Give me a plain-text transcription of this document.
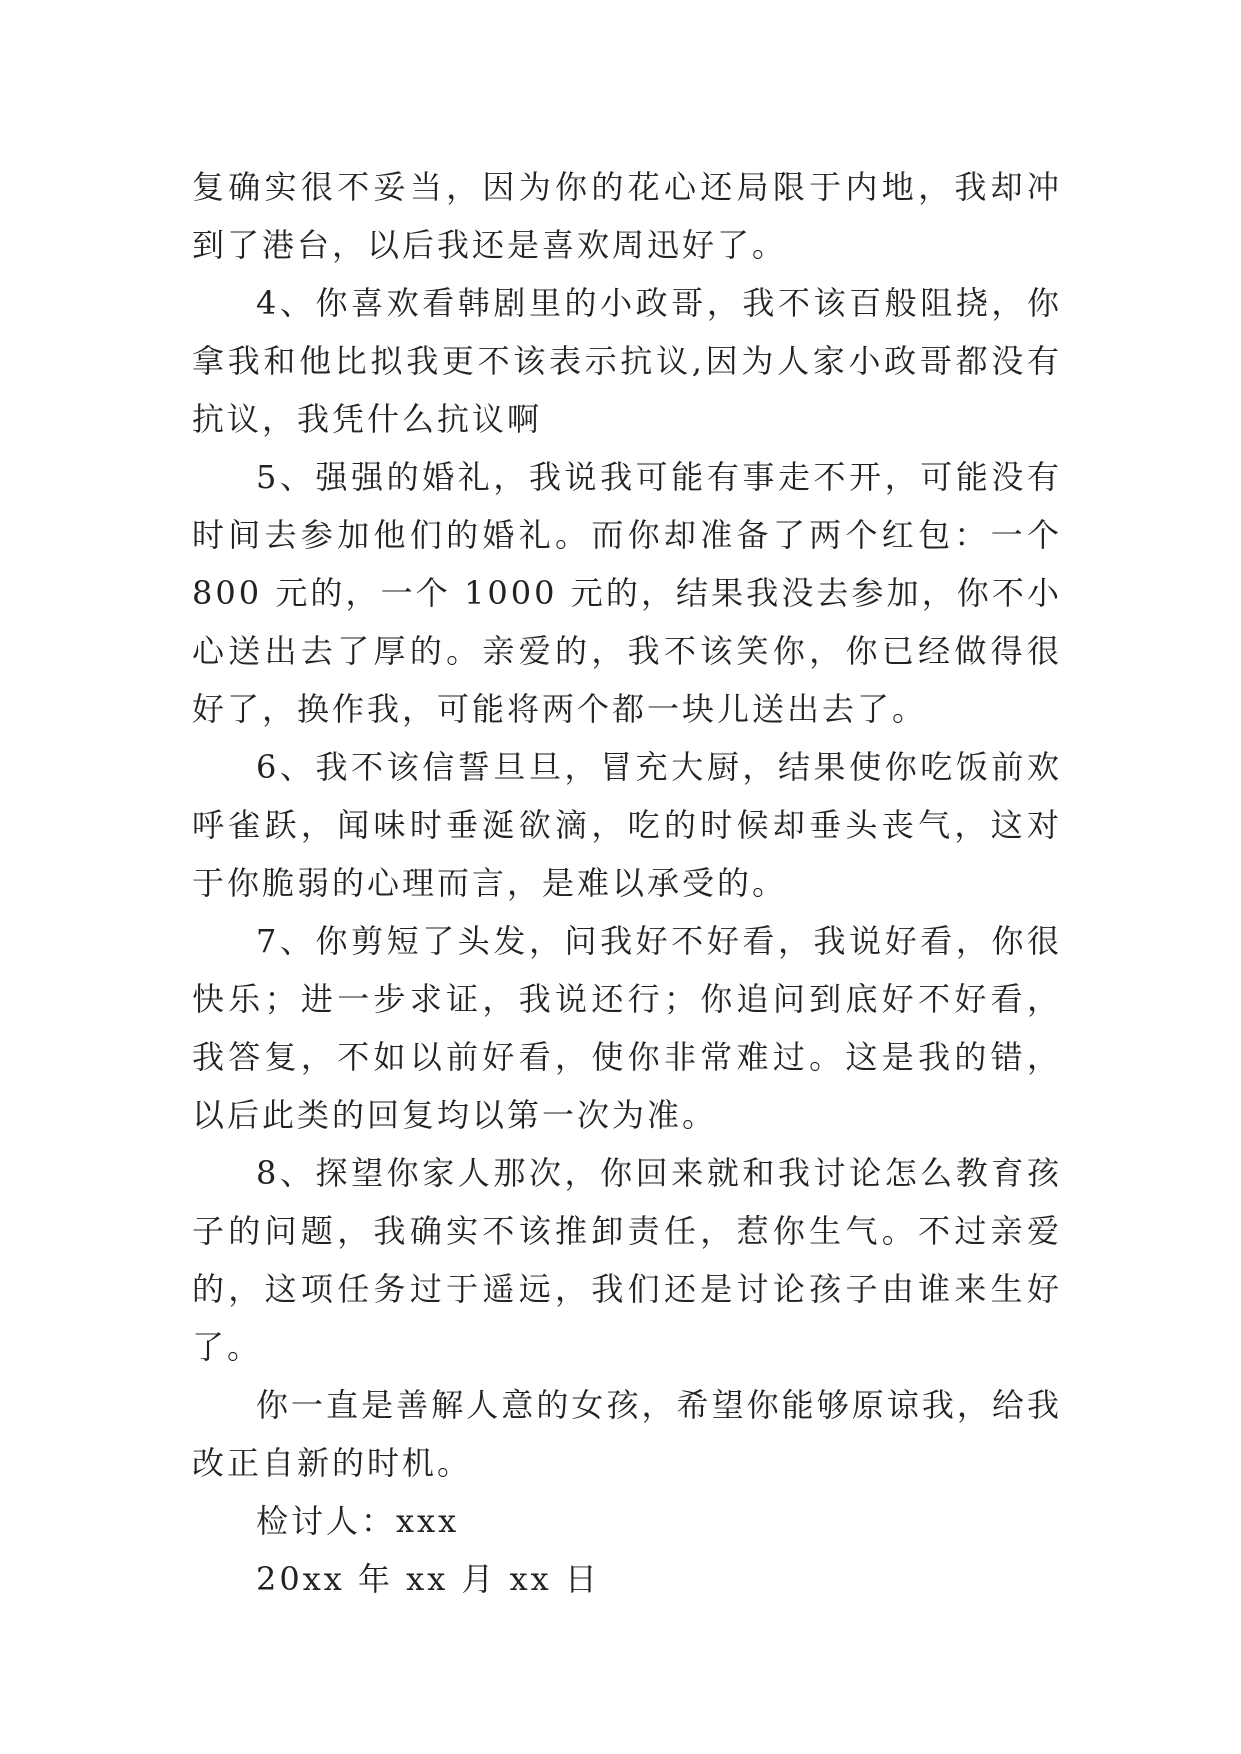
复确实很不妥当，因为你的花心还局限于内地，我却冲到了港台，以后我还是喜欢周迅好了。

4、你喜欢看韩剧里的小政哥，我不该百般阻挠，你拿我和他比拟我更不该表示抗议,因为人家小政哥都没有抗议，我凭什么抗议啊

5、强强的婚礼，我说我可能有事走不开，可能没有时间去参加他们的婚礼。而你却准备了两个红包：一个 800 元的，一个 1000 元的，结果我没去参加，你不小心送出去了厚的。亲爱的，我不该笑你，你已经做得很好了，换作我，可能将两个都一块儿送出去了。

6、我不该信誓旦旦，冒充大厨，结果使你吃饭前欢呼雀跃，闻味时垂涎欲滴，吃的时候却垂头丧气，这对于你脆弱的心理而言，是难以承受的。

7、你剪短了头发，问我好不好看，我说好看，你很快乐；进一步求证，我说还行；你追问到底好不好看，我答复，不如以前好看，使你非常难过。这是我的错，以后此类的回复均以第一次为准。

8、探望你家人那次，你回来就和我讨论怎么教育孩子的问题，我确实不该推卸责任，惹你生气。不过亲爱的，这项任务过于遥远，我们还是讨论孩子由谁来生好了。

你一直是善解人意的女孩，希望你能够原谅我，给我改正自新的时机。

检讨人：xxx

20xx 年 xx 月 xx 日
